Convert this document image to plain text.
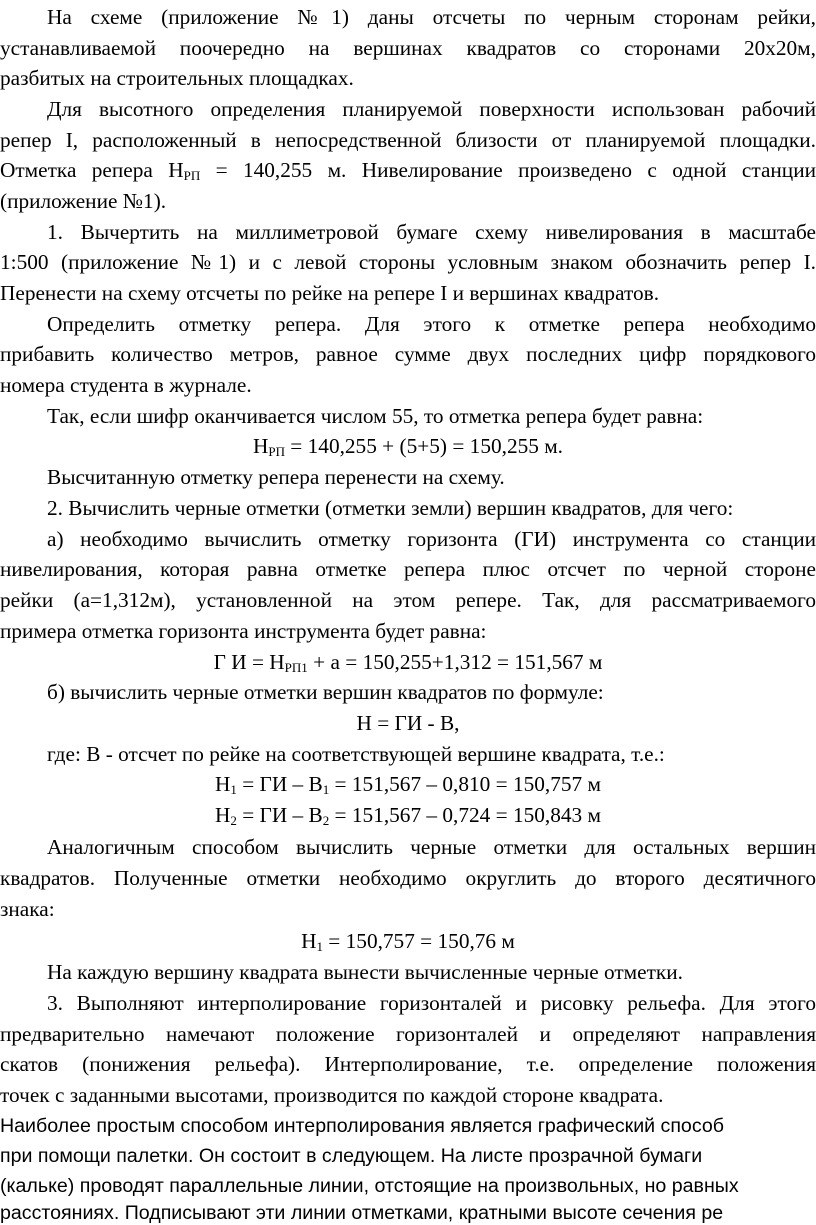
На схеме (приложение №1) даны отсчеты по черным сторонам рейки,
устанавливаемой поочередно на вершинах квадратов со сторонами 20х20м,
разбитых на строительных площадках.
Для высотного определения планируемой поверхности использован рабочий
репер I, расположенный в непосредственной близости от планируемой площадки.
Отметка репера $Н_{РП} = 140,255$ м. Нивелирование произведено с одной станции
(приложение №1).
1. Вычертить на миллиметровой бумаге схему нивелирования в масштабе
1:500 (приложение №1) и с левой стороны условным знаком обозначить репер I.
Перенести на схему отсчеты по рейке на репере I и вершинах квадратов.
Определить отметку репера. Для этого к отметке репера необходимо
прибавить количество метров, равное сумме двух последних цифр порядкового
номера студента в журнале.
Так, если шифр оканчивается числом 55, то отметка репера будет равна:
$Н_{РП} = 140,255 + (5+5) = 150,255$ м.
Высчитанную отметку репера перенести на схему.
2. Вычислить черные отметки (отметки земли) вершин квадратов, для чего:
а) необходимо вычислить отметку горизонта (ГИ) инструмента со станции
нивелирования, которая равна отметке репера плюс отсчет по черной стороне
рейки (а=1,312м), установленной на этом репере. Так, для рассматриваемого
примера отметка горизонта инструмента будет равна:
Г $И = Н_{РП1} + а = 150,255+1,312 = 151,567$ м
б) вычислить черные отметки вершин квадратов по формуле:
Н = ГИ - В,
где: В - отсчет по рейке на соответствующей вершине квадрата, т.е.:
$Н_1$ = ГИ – $В_1 = 151,567 - 0,810 = 150,757$ м
$Н_2$ = ГИ – $В_2 = 151,567 - 0,724 = 150,843$ м
Аналогичным способом вычислить черные отметки для остальных вершин
квадратов. Полученные отметки необходимо округлить до второго десятичного
знака:
$Н_1 = 150,757 = 150,76$ м
На каждую вершину квадрата вынести вычисленные черные отметки.
3. Выполняют интерполирование горизонталей и рисовку рельефа. Для этого
предварительно намечают положение горизонталей и определяют направления
скатов (понижения рельефа). Интерполирование, т.е. определение положения
точек с заданными высотами, производится по каждой стороне квадрата.
Наиболее простым способом интерполирования является графический способ
при помощи палетки. Он состоит в следующем. На листе прозрачной бумаги
(кальке) проводят параллельные линии, отстоящие на произвольных, но равных
расстояниях. Подписывают эти линии отметками, кратными высоте сечения ре
